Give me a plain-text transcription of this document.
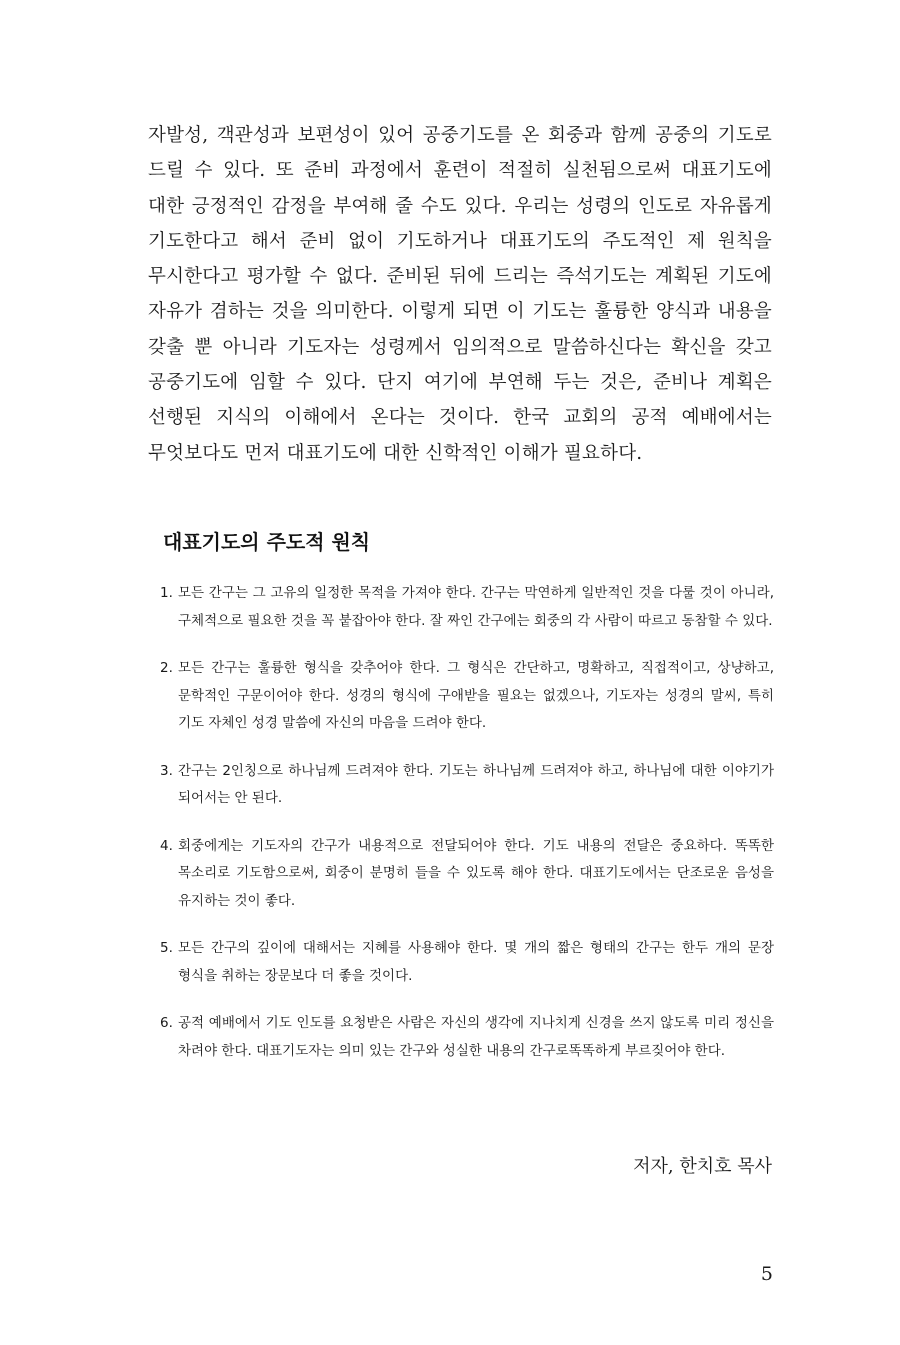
자발성, 객관성과 보편성이 있어 공중기도를 온 회중과 함께 공중의 기도로 드릴 수 있다. 또 준비 과정에서 훈련이 적절히 실천됨으로써 대표기도에 대한 긍정적인 감정을 부여해 줄 수도 있다. 우리는 성령의 인도로 자유롭게 기도한다고 해서 준비 없이 기도하거나 대표기도의 주도적인 제 원칙을 무시한다고 평가할 수 없다. 준비된 뒤에 드리는 즉석기도는 계획된 기도에 자유가 겸하는 것을 의미한다. 이렇게 되면 이 기도는 훌륭한 양식과 내용을 갖출 뿐 아니라 기도자는 성령께서 임의적으로 말씀하신다는 확신을 갖고 공중기도에 임할 수 있다. 단지 여기에 부연해 두는 것은, 준비나 계획은 선행된 지식의 이해에서 온다는 것이다. 한국 교회의 공적 예배에서는 무엇보다도 먼저 대표기도에 대한 신학적인 이해가 필요하다.

대표기도의 주도적 원칙
1. 모든 간구는 그 고유의 일정한 목적을 가져야 한다. 간구는 막연하게 일반적인 것을 다룰 것이 아니라, 구체적으로 필요한 것을 꼭 붙잡아야 한다. 잘 짜인 간구에는 회중의 각 사람이 따르고 동참할 수 있다.
2. 모든 간구는 훌륭한 형식을 갖추어야 한다. 그 형식은 간단하고, 명확하고, 직접적이고, 상냥하고, 문학적인 구문이어야 한다. 성경의 형식에 구애받을 필요는 없겠으나, 기도자는 성경의 말씨, 특히 기도 자체인 성경 말씀에 자신의 마음을 드려야 한다.
3. 간구는 2인칭으로 하나님께 드려져야 한다. 기도는 하나님께 드려져야 하고, 하나님에 대한 이야기가 되어서는 안 된다.
4. 회중에게는 기도자의 간구가 내용적으로 전달되어야 한다. 기도 내용의 전달은 중요하다. 똑똑한 목소리로 기도함으로써, 회중이 분명히 들을 수 있도록 해야 한다. 대표기도에서는 단조로운 음성을 유지하는 것이 좋다.
5. 모든 간구의 깊이에 대해서는 지혜를 사용해야 한다. 몇 개의 짧은 형태의 간구는 한두 개의 문장 형식을 취하는 장문보다 더 좋을 것이다.
6. 공적 예배에서 기도 인도를 요청받은 사람은 자신의 생각에 지나치게 신경을 쓰지 않도록 미리 정신을 차려야 한다. 대표기도자는 의미 있는 간구와 성실한 내용의 간구로똑똑하게 부르짖어야 한다.

저자, 한치호 목사

5
